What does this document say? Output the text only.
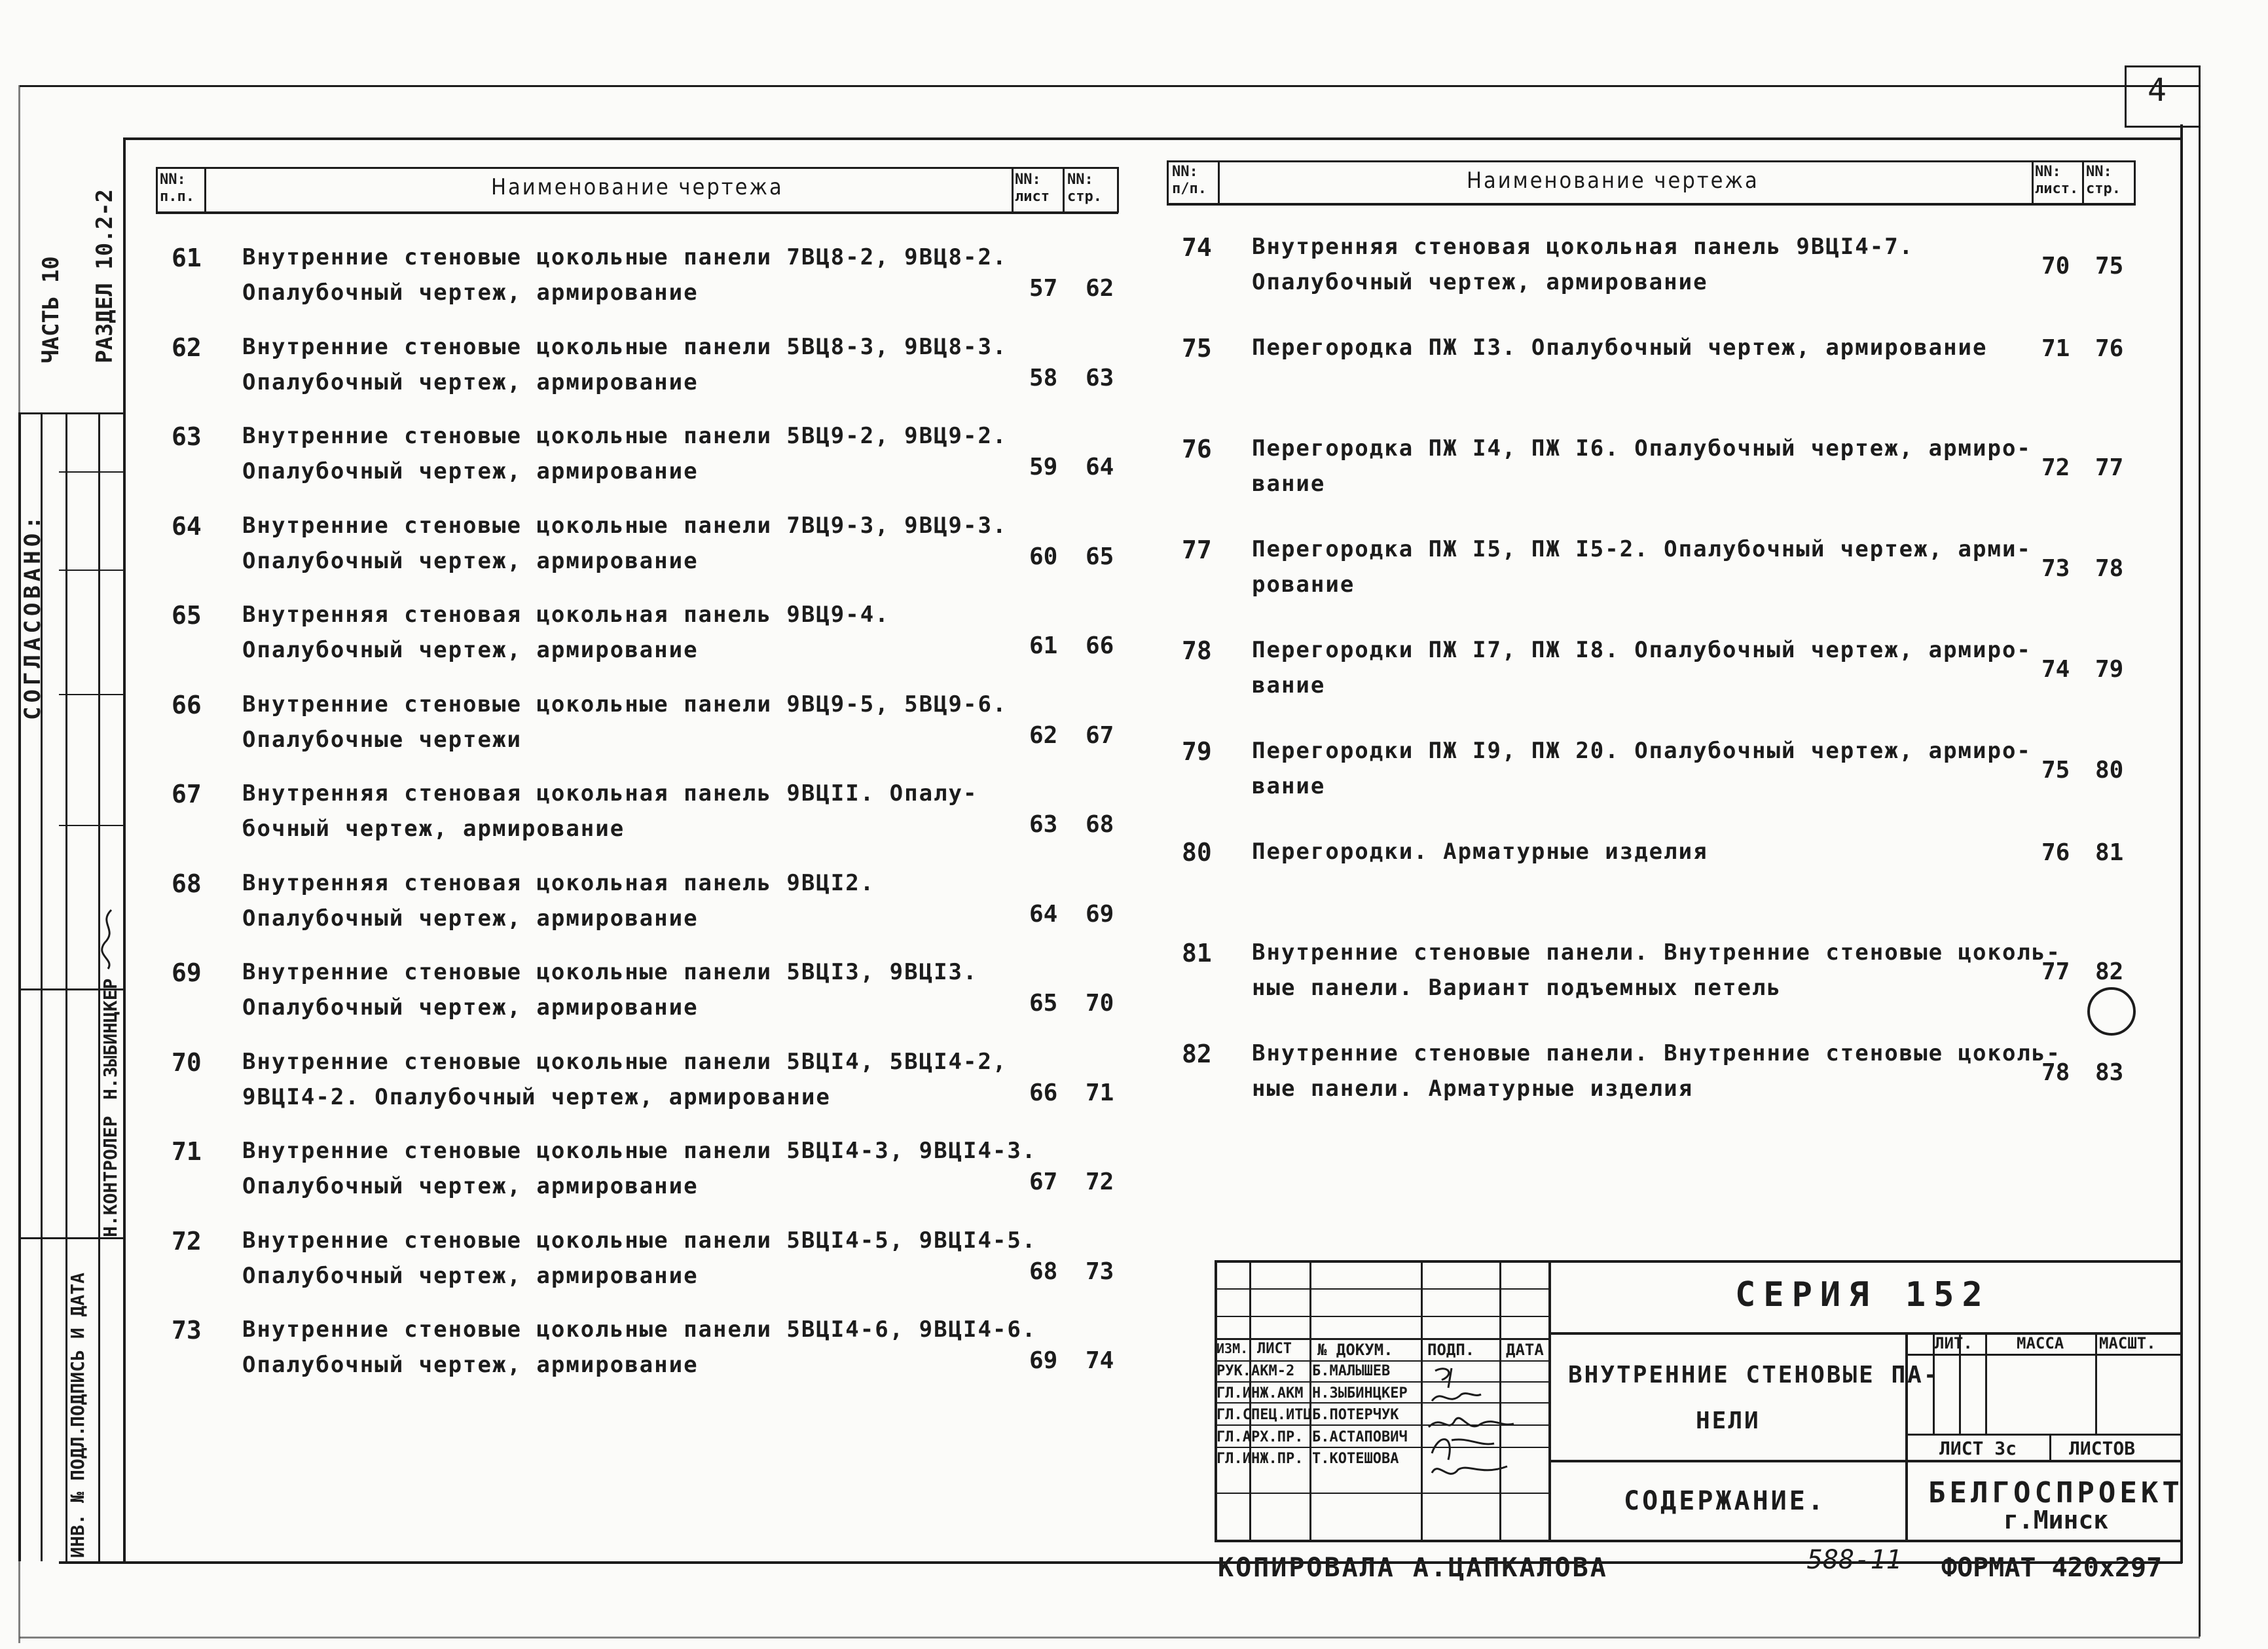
4
ЧАСТЬ 10 РАЗДЕЛ 10.2-2
СОГЛАСОВАНО:
Н.КОНТРОЛЕР
Н.ЗЫБИНЦКЕР
ИНВ. № ПОДЛ.
ПОДПИСЬ И ДАТА
NN: п.п.	Наименование чертежа	NN: лист
NN: стр.
61 Внутренние стеновые цокольные панели 7ВЦ8-2, 9ВЦ8-2.
Опалубочный чертеж, армирование	57 62
62 Внутренние стеновые цокольные панели 5ВЦ8-3, 9ВЦ8-3.
Опалубочный чертеж, армирование	58 63
63 Внутренние стеновые цокольные панели 5ВЦ9-2, 9ВЦ9-2.
Опалубочный чертеж, армирование	59 64
64 Внутренние стеновые цокольные панели 7ВЦ9-3, 9ВЦ9-3.
Опалубочный чертеж, армирование	60 65
65 Внутренняя стеновая цокольная панель 9ВЦ9-4.
Опалубочный чертеж, армирование	61 66
66 Внутренние стеновые цокольные панели 9ВЦ9-5, 5ВЦ9-6.
Опалубочные чертежи	62 67
67 Внутренняя стеновая цокольная панель 9ВЦII. Опалу-
бочный чертеж, армирование	63 68
68 Внутренняя стеновая цокольная панель 9ВЦI2.
Опалубочный чертеж, армирование	64 69
69 Внутренние стеновые цокольные панели 5ВЦI3, 9ВЦI3.
Опалубочный чертеж, армирование	65 70
70 Внутренние стеновые цокольные панели 5ВЦI4, 5ВЦI4-2,
9ВЦI4-2. Опалубочный чертеж, армирование	66 71
71 Внутренние стеновые цокольные панели 5ВЦI4-3, 9ВЦI4-3.
Опалубочный чертеж, армирование	67 72
72 Внутренние стеновые цокольные панели 5ВЦI4-5, 9ВЦI4-5.
Опалубочный чертеж, армирование	68 73
73 Внутренние стеновые цокольные панели 5ВЦI4-6, 9ВЦI4-6.
Опалубочный чертеж, армирование	69 74
NN: п/п.	Наименование чертежа	NN: лист.
NN: стр.
74 Внутренняя стеновая цокольная панель 9ВЦI4-7.
Опалубочный чертеж, армирование
70 75
75 Перегородка ПЖ I3. Опалубочный чертеж, армирование 71 76
76 Перегородка ПЖ I4, ПЖ I6. Опалубочный чертеж, армиро-
вание
72 77
77 Перегородка ПЖ I5, ПЖ I5-2. Опалубочный чертеж, арми-
рование
73 78
78 Перегородки ПЖ I7, ПЖ I8. Опалубочный чертеж, армиро-
вание
74 79
79 Перегородки ПЖ I9, ПЖ 20. Опалубочный чертеж, армиро-
вание
75 80
80 Перегородки. Арматурные изделия	76 81
81 Внутренние стеновые панели. Внутренние стеновые цоколь-
ные панели. Вариант подъемных петель
77 82
82 Внутренние стеновые панели. Внутренние стеновые цоколь-
ные панели. Арматурные изделия
78 83
СЕРИЯ 152
ВНУТРЕННИЕ СТЕНОВЫЕ ПА-
НЕЛИ
СОДЕРЖАНИЕ.	БЕЛГОСПРОЕКТ
г.Минск
ИЗМ. ЛИСТ № ДОКУМ. ПОДП. ДАТА	ЛИТ.	МАССА МАСШТ.
ЛИСТ 3с	ЛИСТОВ
РУК.АКМ-2 Б.МАЛЫШЕВ
ГЛ.ИНЖ.АКМ Н.ЗЫБИНЦКЕР
ГЛ.СПЕЦ.ИТЦ Б.ПОТЕРЧУК
ГЛ.АРХ.ПР. Б.АСТАПОВИЧ
ГЛ.ИНЖ.ПР. Т.КОТЕШОВА
КОПИРОВАЛА А.ЦАПКАЛОВА	588-11 ФОРМАТ 420х297
